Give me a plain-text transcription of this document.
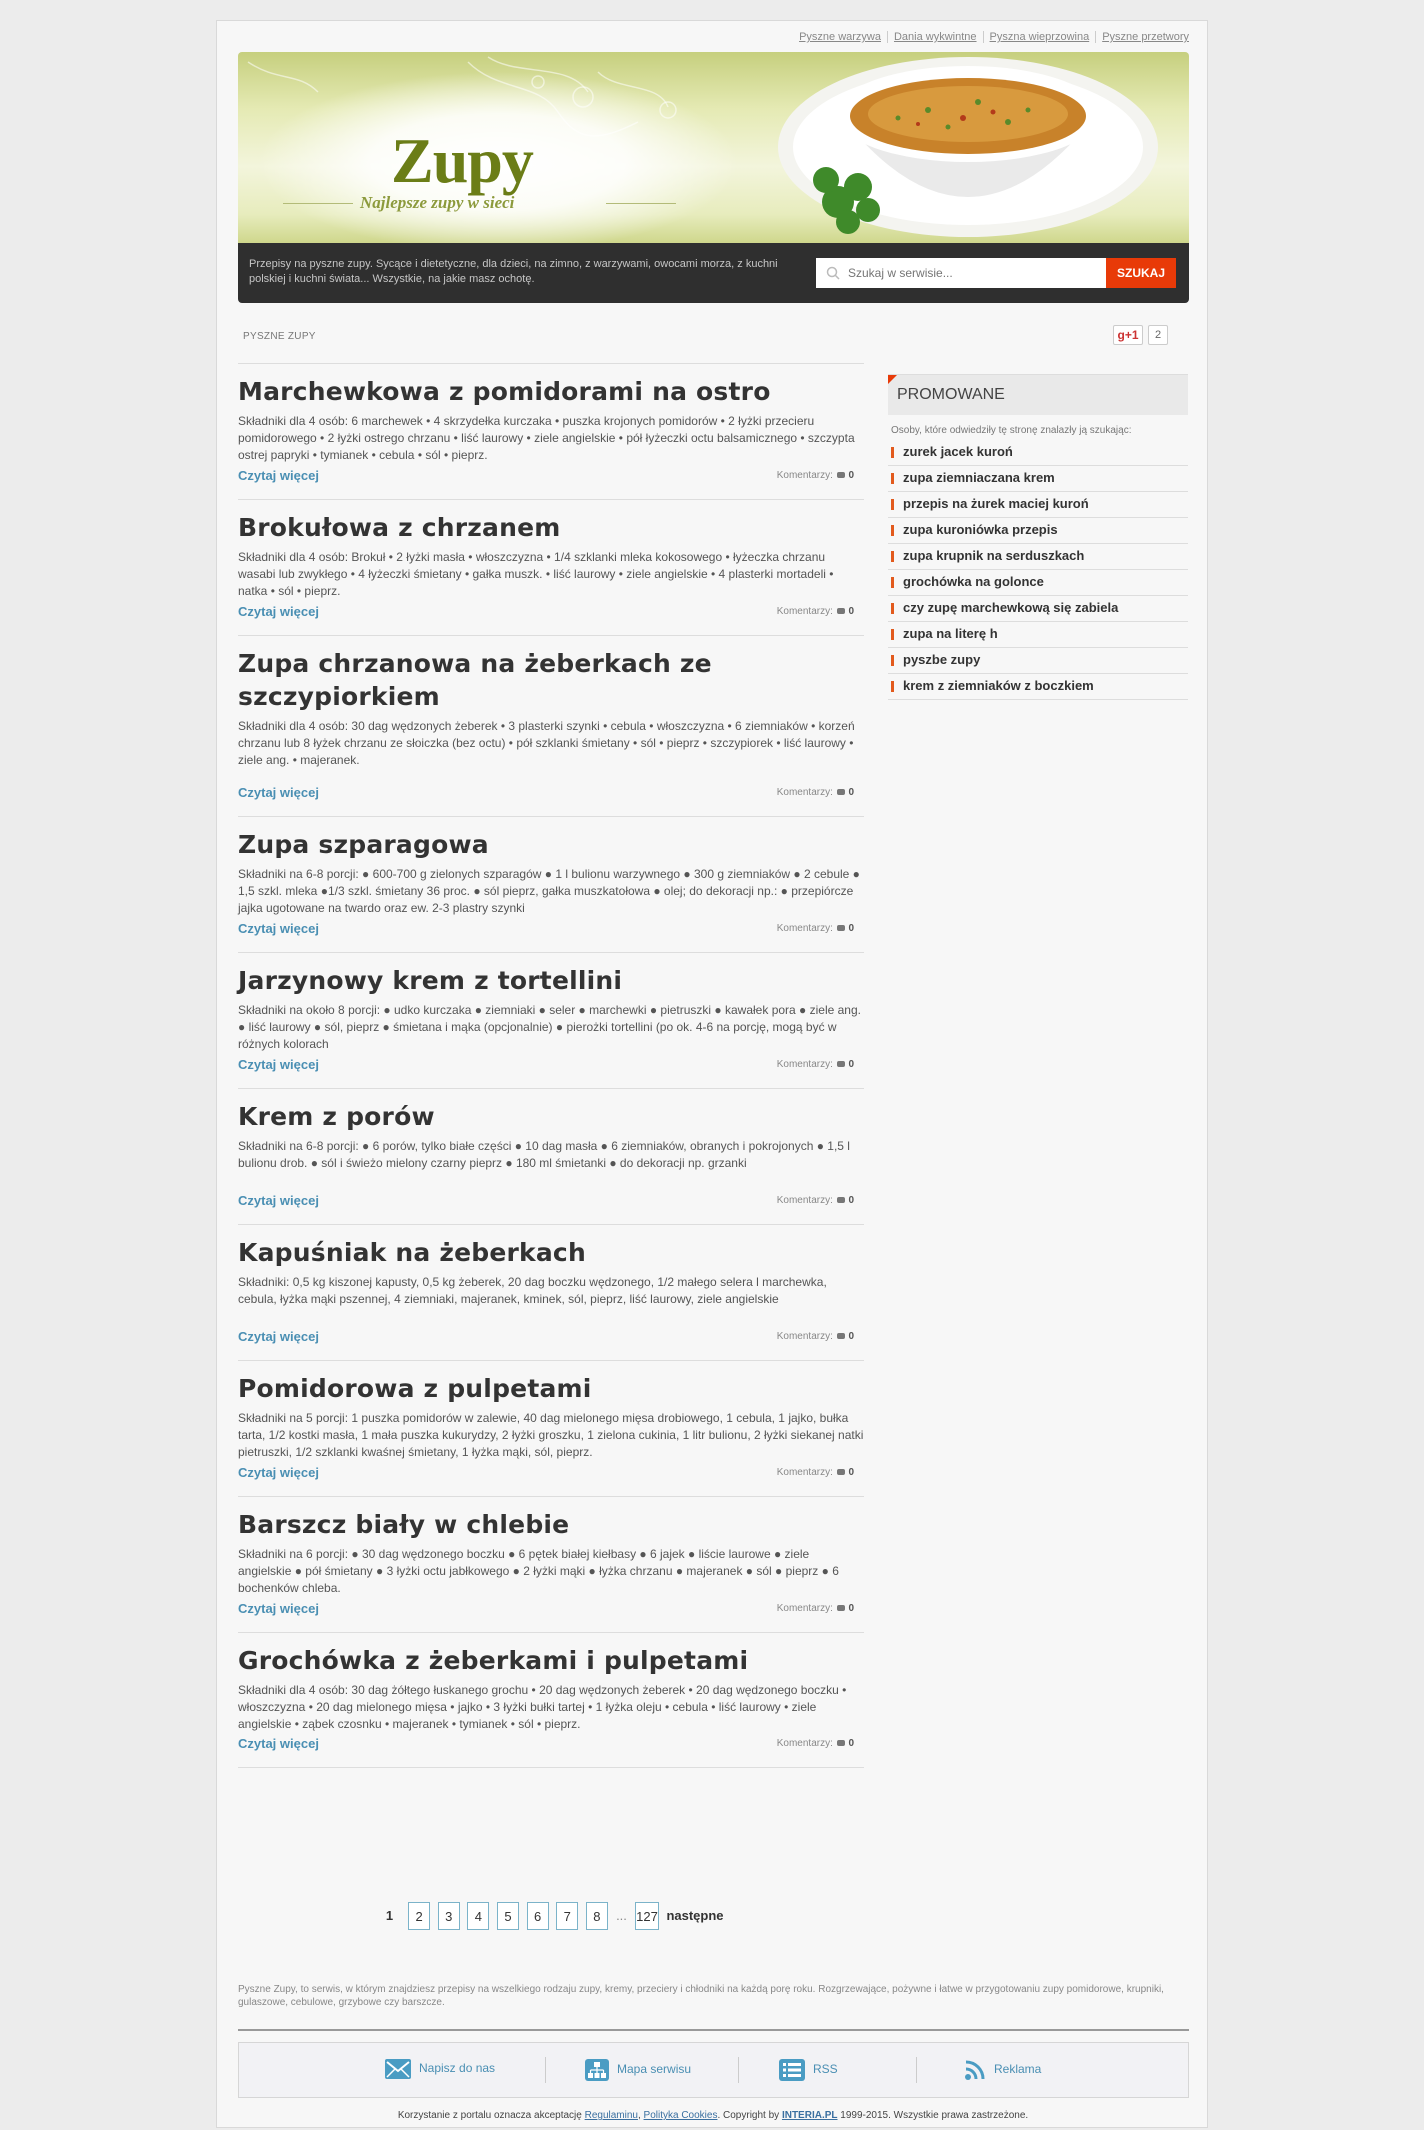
Pyszne warzywa Dania wykwintne Pyszna wieprzowina Pyszne przetwory
Zupy
Najlepsze zupy w sieci
Przepisy na pyszne zupy. Sycące i dietetyczne, dla dzieci, na zimno, z warzywami, owocami morza, z kuchni polskiej i kuchni świata... Wszystkie, na jakie masz ochotę.
Szukaj w serwisie...	SZUKAJ
PYSZNE ZUPY	g+1	2
Marchewkowa z pomidorami na ostro

Składniki dla 4 osób: 6 marchewek • 4 skrzydełka kurczaka • puszka krojonych pomidorów • 2 łyżki przecieru pomidorowego • 2 łyżki ostrego chrzanu • liść laurowy • ziele angielskie • pół łyżeczki octu balsamicznego • szczypta ostrej papryki • tymianek • cebula • sól • pieprz.

Czytaj więcej	Komentarzy: 0
Brokułowa z chrzanem

Składniki dla 4 osób: Brokuł • 2 łyżki masła • włoszczyzna • 1/4 szklanki mleka kokosowego • łyżeczka chrzanu wasabi lub zwykłego • 4 łyżeczki śmietany • gałka muszk. • liść laurowy • ziele angielskie • 4 plasterki mortadeli • natka • sól • pieprz.

Czytaj więcej	Komentarzy: 0
Zupa chrzanowa na żeberkach ze szczypiorkiem

Składniki dla 4 osób: 30 dag wędzonych żeberek • 3 plasterki szynki • cebula • włoszczyzna • 6 ziemniaków • korzeń chrzanu lub 8 łyżek chrzanu ze słoiczka (bez octu) • pół szklanki śmietany • sól • pieprz • szczypiorek • liść laurowy • ziele ang. • majeranek.

Czytaj więcej	Komentarzy: 0
Zupa szparagowa

Składniki na 6-8 porcji: ● 600-700 g zielonych szparagów ● 1 l bulionu warzywnego ● 300 g ziemniaków ● 2 cebule ● 1,5 szkl. mleka ●1/3 szkl. śmietany 36 proc. ● sól pieprz, gałka muszkatołowa ● olej; do dekoracji np.: ● przepiórcze jajka ugotowane na twardo oraz ew. 2-3 plastry szynki

Czytaj więcej	Komentarzy: 0
Jarzynowy krem z tortellini

Składniki na około 8 porcji: ● udko kurczaka ● ziemniaki ● seler ● marchewki ● pietruszki ● kawałek pora ● ziele ang. ● liść laurowy ● sól, pieprz ● śmietana i mąka (opcjonalnie) ● pierożki tortellini (po ok. 4-6 na porcję, mogą być w różnych kolorach

Czytaj więcej	Komentarzy: 0
Krem z porów

Składniki na 6-8 porcji: ● 6 porów, tylko białe części ● 10 dag masła ● 6 ziemniaków, obranych i pokrojonych ● 1,5 l bulionu drob. ● sól i świeżo mielony czarny pieprz ● 180 ml śmietanki ● do dekoracji np. grzanki

Czytaj więcej	Komentarzy: 0
Kapuśniak na żeberkach

Składniki: 0,5 kg kiszonej kapusty, 0,5 kg żeberek, 20 dag boczku wędzonego, 1/2 małego selera l marchewka, cebula, łyżka mąki pszennej, 4 ziemniaki, majeranek, kminek, sól, pieprz, liść laurowy, ziele angielskie

Czytaj więcej	Komentarzy: 0
Pomidorowa z pulpetami

Składniki na 5 porcji: 1 puszka pomidorów w zalewie, 40 dag mielonego mięsa drobiowego, 1 cebula, 1 jajko, bułka tarta, 1/2 kostki masła, 1 mała puszka kukurydzy, 2 łyżki groszku, 1 zielona cukinia, 1 litr bulionu, 2 łyżki siekanej natki pietruszki, 1/2 szklanki kwaśnej śmietany, 1 łyżka mąki, sól, pieprz.

Czytaj więcej	Komentarzy: 0
Barszcz biały w chlebie

Składniki na 6 porcji: ● 30 dag wędzonego boczku ● 6 pętek białej kiełbasy ● 6 jajek ● liście laurowe ● ziele angielskie ● pół śmietany ● 3 łyżki octu jabłkowego ● 2 łyżki mąki ● łyżka chrzanu ● majeranek ● sól ● pieprz ● 6 bochenków chleba.

Czytaj więcej	Komentarzy: 0
Grochówka z żeberkami i pulpetami

Składniki dla 4 osób: 30 dag żółtego łuskanego grochu • 20 dag wędzonych żeberek • 20 dag wędzonego boczku • włoszczyzna • 20 dag mielonego mięsa • jajko • 3 łyżki bułki tartej • 1 łyżka oleju • cebula • liść laurowy • ziele angielskie • ząbek czosnku • majeranek • tymianek • sól • pieprz.

Czytaj więcej	Komentarzy: 0
1 2 3 4 5 6 7 8 ... 127 następne
PROMOWANE
Osoby, które odwiedziły tę stronę znalazły ją szukając:
zurek jacek kuroń
zupa ziemniaczana krem
przepis na żurek maciej kuroń
zupa kuroniówka przepis
zupa krupnik na serduszkach
grochówka na golonce
czy zupę marchewkową się zabiela
zupa na literę h
pyszbe zupy
krem z ziemniaków z boczkiem
Pyszne Zupy, to serwis, w którym znajdziesz przepisy na wszelkiego rodzaju zupy, kremy, przeciery i chłodniki na każdą porę roku. Rozgrzewające, pożywne i łatwe w przygotowaniu zupy pomidorowe, krupniki, gulaszowe, cebulowe, grzybowe czy barszcze.
Napisz do nas	Mapa serwisu	RSS	Reklama
Korzystanie z portalu oznacza akceptację Regulaminu, Polityka Cookies. Copyright by INTERIA.PL 1999-2015. Wszystkie prawa zastrzeżone.
